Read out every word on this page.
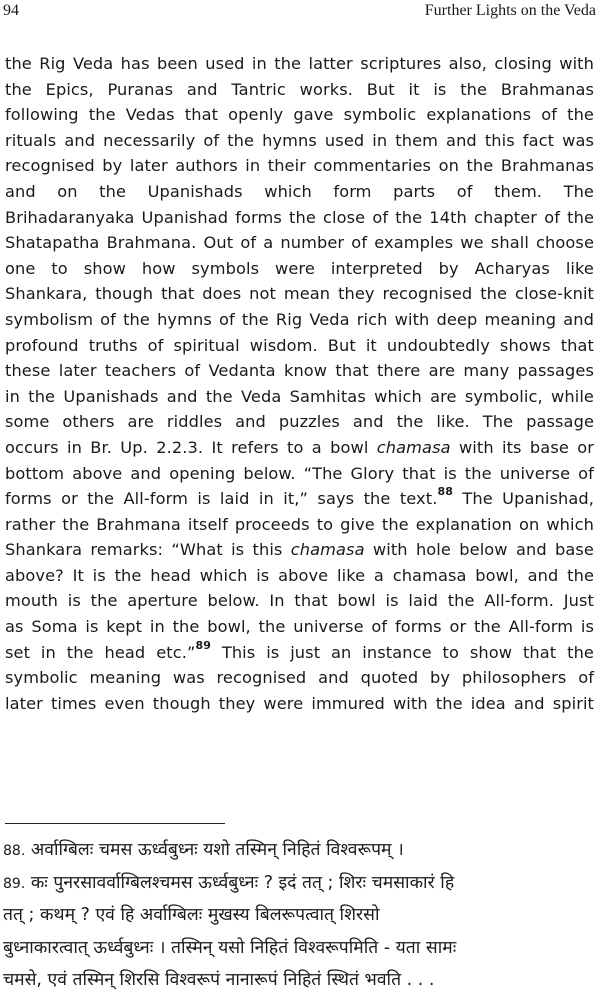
94	Further Lights on the Veda
the Rig Veda has been used in the latter scriptures also, closing with
the Epics, Puranas and Tantric works. But it is the Brahmanas
following the Vedas that openly gave symbolic explanations of the
rituals and necessarily of the hymns used in them and this fact was
recognised by later authors in their commentaries on the Brahmanas
and on the Upanishads which form parts of them. The
Brihadaranyaka Upanishad forms the close of the 14th chapter of the
Shatapatha Brahmana. Out of a number of examples we shall choose
one to show how symbols were interpreted by Acharyas like
Shankara, though that does not mean they recognised the close-knit
symbolism of the hymns of the Rig Veda rich with deep meaning and
profound truths of spiritual wisdom. But it undoubtedly shows that
these later teachers of Vedanta know that there are many passages
in the Upanishads and the Veda Samhitas which are symbolic, while
some others are riddles and puzzles and the like. The passage
occurs in Br. Up. 2.2.3. It refers to a bowl chamasa with its base or
bottom above and opening below. “The Glory that is the universe of
forms or the All-form is laid in it,” says the text.$^{88}$ The Upanishad,
rather the Brahmana itself proceeds to give the explanation on which
Shankara remarks: “What is this chamasa with hole below and base
above? It is the head which is above like a chamasa bowl, and the
mouth is the aperture below. In that bowl is laid the All-form. Just
as Soma is kept in the bowl, the universe of forms or the All-form is
set in the head etc.”$^{89}$ This is just an instance to show that the
symbolic meaning was recognised and quoted by philosophers of
later times even though they were immured with the idea and spirit
88. अर्वाग्बिलः चमस ऊर्ध्वबुध्नः यशो तस्मिन् निहितं विश्वरूपम् ।
89. कः पुनरसावर्वाग्बिलश्चमस ऊर्ध्वबुध्नः ? इदं तत् ; शिरः चमसाकारं हि
तत् ; कथम् ? एवं हि अर्वाग्बिलः मुखस्य बिलरूपत्वात् शिरसो
बुध्नाकारत्वात् ऊर्ध्वबुध्नः । तस्मिन् यसो निहितं विश्वरूपमिति - यता सामः
चमसे, एवं तस्मिन् शिरसि विश्वरूपं नानारूपं निहितं स्थितं भवति . . .
